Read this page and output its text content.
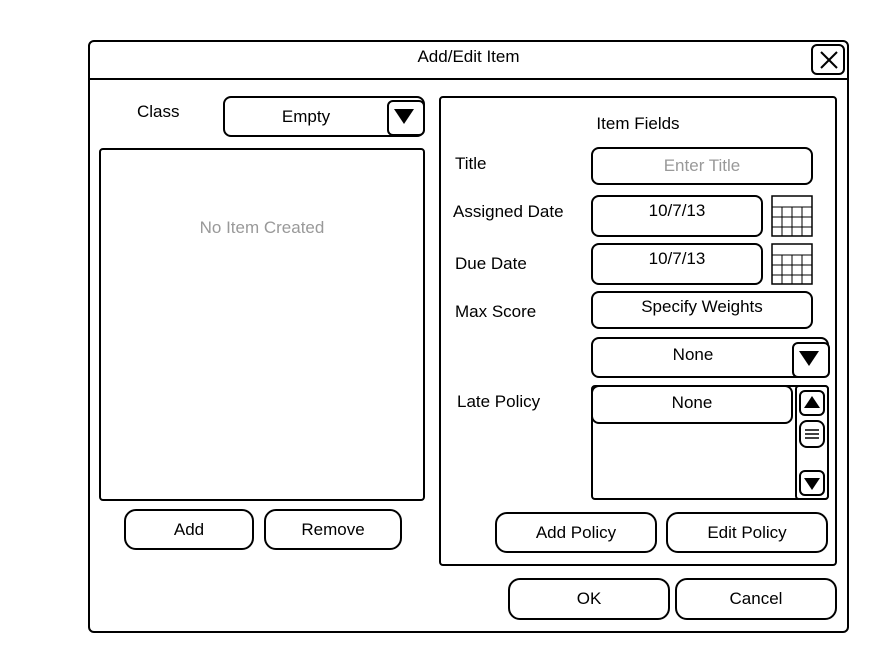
Add/Edit Item
Class	Empty
No Item Created
Add	Remove
Item Fields
Title	Enter Title
Assigned Date	10/7/13
Due Date	10/7/13
Max Score	Specify Weights
None
Late Policy	None
Add Policy	Edit Policy
OK	Cancel
